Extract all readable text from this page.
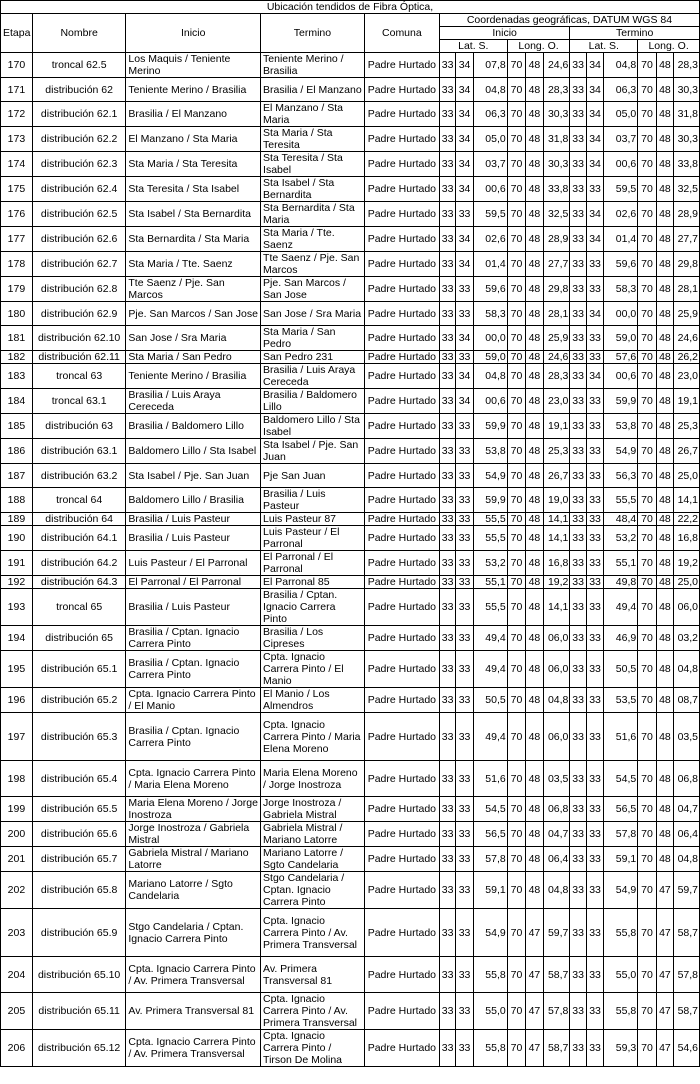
Ubicación tendidos de Fibra Óptica,																
Etapa	Nombre	Inicio	Termino	Comuna	Coordenadas geográficas, DATUM WGS 84											
					Inicio						Termino					
					Lat. S.			Long. O.			Lat. S.			Long. O.		
170	troncal 62.5	Los Maquis / Teniente Merino	Teniente Merino / Brasilia	Padre Hurtado	33	34	07,8	70	48	24,6	33	34	04,8	70	48	28,3
171	distribución 62	Teniente Merino / Brasilia	Brasilia / El Manzano	Padre Hurtado	33	34	04,8	70	48	28,3	33	34	06,3	70	48	30,3
172	distribución 62.1	Brasilia / El Manzano	El Manzano / Sta Maria	Padre Hurtado	33	34	06,3	70	48	30,3	33	34	05,0	70	48	31,8
173	distribución 62.2	El Manzano / Sta Maria	Sta Maria / Sta Teresita	Padre Hurtado	33	34	05,0	70	48	31,8	33	34	03,7	70	48	30,3
174	distribución 62.3	Sta Maria / Sta Teresita	Sta Teresita / Sta Isabel	Padre Hurtado	33	34	03,7	70	48	30,3	33	34	00,6	70	48	33,8
175	distribución 62.4	Sta Teresita / Sta Isabel	Sta Isabel / Sta Bernardita	Padre Hurtado	33	34	00,6	70	48	33,8	33	33	59,5	70	48	32,5
176	distribución 62.5	Sta Isabel / Sta Bernardita	Sta Bernardita / Sta Maria	Padre Hurtado	33	33	59,5	70	48	32,5	33	34	02,6	70	48	28,9
177	distribución 62.6	Sta Bernardita / Sta Maria	Sta Maria / Tte. Saenz	Padre Hurtado	33	34	02,6	70	48	28,9	33	34	01,4	70	48	27,7
178	distribución 62.7	Sta Maria / Tte. Saenz	Tte Saenz / Pje. San Marcos	Padre Hurtado	33	34	01,4	70	48	27,7	33	33	59,6	70	48	29,8
179	distribución 62.8	Tte Saenz / Pje. San Marcos	Pje. San Marcos / San Jose	Padre Hurtado	33	33	59,6	70	48	29,8	33	33	58,3	70	48	28,1
180	distribución 62.9	Pje. San Marcos / San Jose	San Jose / Sra Maria	Padre Hurtado	33	33	58,3	70	48	28,1	33	34	00,0	70	48	25,9
181	distribución 62.10	San Jose / Sra Maria	Sta Maria / San Pedro	Padre Hurtado	33	34	00,0	70	48	25,9	33	33	59,0	70	48	24,6
182	distribución 62.11	Sta Maria / San Pedro	San Pedro 231	Padre Hurtado	33	33	59,0	70	48	24,6	33	33	57,6	70	48	26,2
183	troncal 63	Teniente Merino / Brasilia	Brasilia / Luis Araya Cereceda	Padre Hurtado	33	34	04,8	70	48	28,3	33	34	00,6	70	48	23,0
184	troncal 63.1	Brasilia / Luis Araya Cereceda	Brasilia / Baldomero Lillo	Padre Hurtado	33	34	00,6	70	48	23,0	33	33	59,9	70	48	19,1
185	distribución 63	Brasilia / Baldomero Lillo	Baldomero Lillo / Sta Isabel	Padre Hurtado	33	33	59,9	70	48	19,1	33	33	53,8	70	48	25,3
186	distribución 63.1	Baldomero Lillo / Sta Isabel	Sta Isabel / Pje. San Juan	Padre Hurtado	33	33	53,8	70	48	25,3	33	33	54,9	70	48	26,7
187	distribución 63.2	Sta Isabel / Pje. San Juan	Pje San Juan	Padre Hurtado	33	33	54,9	70	48	26,7	33	33	56,3	70	48	25,0
188	troncal 64	Baldomero Lillo / Brasilia	Brasilia / Luis Pasteur	Padre Hurtado	33	33	59,9	70	48	19,0	33	33	55,5	70	48	14,1
189	distribución 64	Brasilia / Luis Pasteur	Luis Pasteur 87	Padre Hurtado	33	33	55,5	70	48	14,1	33	33	48,4	70	48	22,2
190	distribución 64.1	Brasilia / Luis Pasteur	Luis Pasteur / El Parronal	Padre Hurtado	33	33	55,5	70	48	14,1	33	33	53,2	70	48	16,8
191	distribución 64.2	Luis Pasteur / El Parronal	El Parronal / El Parronal	Padre Hurtado	33	33	53,2	70	48	16,8	33	33	55,1	70	48	19,2
192	distribución 64.3	El Parronal / El Parronal	El Parronal 85	Padre Hurtado	33	33	55,1	70	48	19,2	33	33	49,8	70	48	25,0
193	troncal 65	Brasilia / Luis Pasteur	Brasilia / Cptan. Ignacio Carrera Pinto	Padre Hurtado	33	33	55,5	70	48	14,1	33	33	49,4	70	48	06,0
194	distribución 65	Brasilia / Cptan. Ignacio Carrera Pinto	Brasilia / Los Cipreses	Padre Hurtado	33	33	49,4	70	48	06,0	33	33	46,9	70	48	03,2
195	distribución 65.1	Brasilia / Cptan. Ignacio Carrera Pinto	Cpta. Ignacio Carrera Pinto / El Manio	Padre Hurtado	33	33	49,4	70	48	06,0	33	33	50,5	70	48	04,8
196	distribución 65.2	Cpta. Ignacio Carrera Pinto / El Manio	El Manio / Los Almendros	Padre Hurtado	33	33	50,5	70	48	04,8	33	33	53,5	70	48	08,7
197	distribución 65.3	Brasilia / Cptan. Ignacio Carrera Pinto	Cpta. Ignacio Carrera Pinto / Maria Elena Moreno	Padre Hurtado	33	33	49,4	70	48	06,0	33	33	51,6	70	48	03,5
198	distribución 65.4	Cpta. Ignacio Carrera Pinto / Maria Elena Moreno	Maria Elena Moreno / Jorge Inostroza	Padre Hurtado	33	33	51,6	70	48	03,5	33	33	54,5	70	48	06,8
199	distribución 65.5	Maria Elena Moreno / Jorge Inostroza	Jorge Inostroza / Gabriela Mistral	Padre Hurtado	33	33	54,5	70	48	06,8	33	33	56,5	70	48	04,7
200	distribución 65.6	Jorge Inostroza / Gabriela Mistral	Gabriela Mistral / Mariano Latorre	Padre Hurtado	33	33	56,5	70	48	04,7	33	33	57,8	70	48	06,4
201	distribución 65.7	Gabriela Mistral / Mariano Latorre	Mariano Latorre / Sgto Candelaria	Padre Hurtado	33	33	57,8	70	48	06,4	33	33	59,1	70	48	04,8
202	distribución 65.8	Mariano Latorre / Sgto Candelaria	Stgo Candelaria / Cptan. Ignacio Carrera Pinto	Padre Hurtado	33	33	59,1	70	48	04,8	33	33	54,9	70	47	59,7
203	distribución 65.9	Stgo Candelaria / Cptan. Ignacio Carrera Pinto	Cpta. Ignacio Carrera Pinto / Av. Primera Transversal	Padre Hurtado	33	33	54,9	70	47	59,7	33	33	55,8	70	47	58,7
204	distribución 65.10	Cpta. Ignacio Carrera Pinto / Av. Primera Transversal	Av. Primera Transversal 81	Padre Hurtado	33	33	55,8	70	47	58,7	33	33	55,0	70	47	57,8
205	distribución 65.11	Av. Primera Transversal 81	Cpta. Ignacio Carrera Pinto / Av. Primera Transversal	Padre Hurtado	33	33	55,0	70	47	57,8	33	33	55,8	70	47	58,7
206	distribución 65.12	Cpta. Ignacio Carrera Pinto / Av. Primera Transversal	Cpta. Ignacio Carrera Pinto / Tirson De Molina	Padre Hurtado	33	33	55,8	70	47	58,7	33	33	59,3	70	47	54,6
